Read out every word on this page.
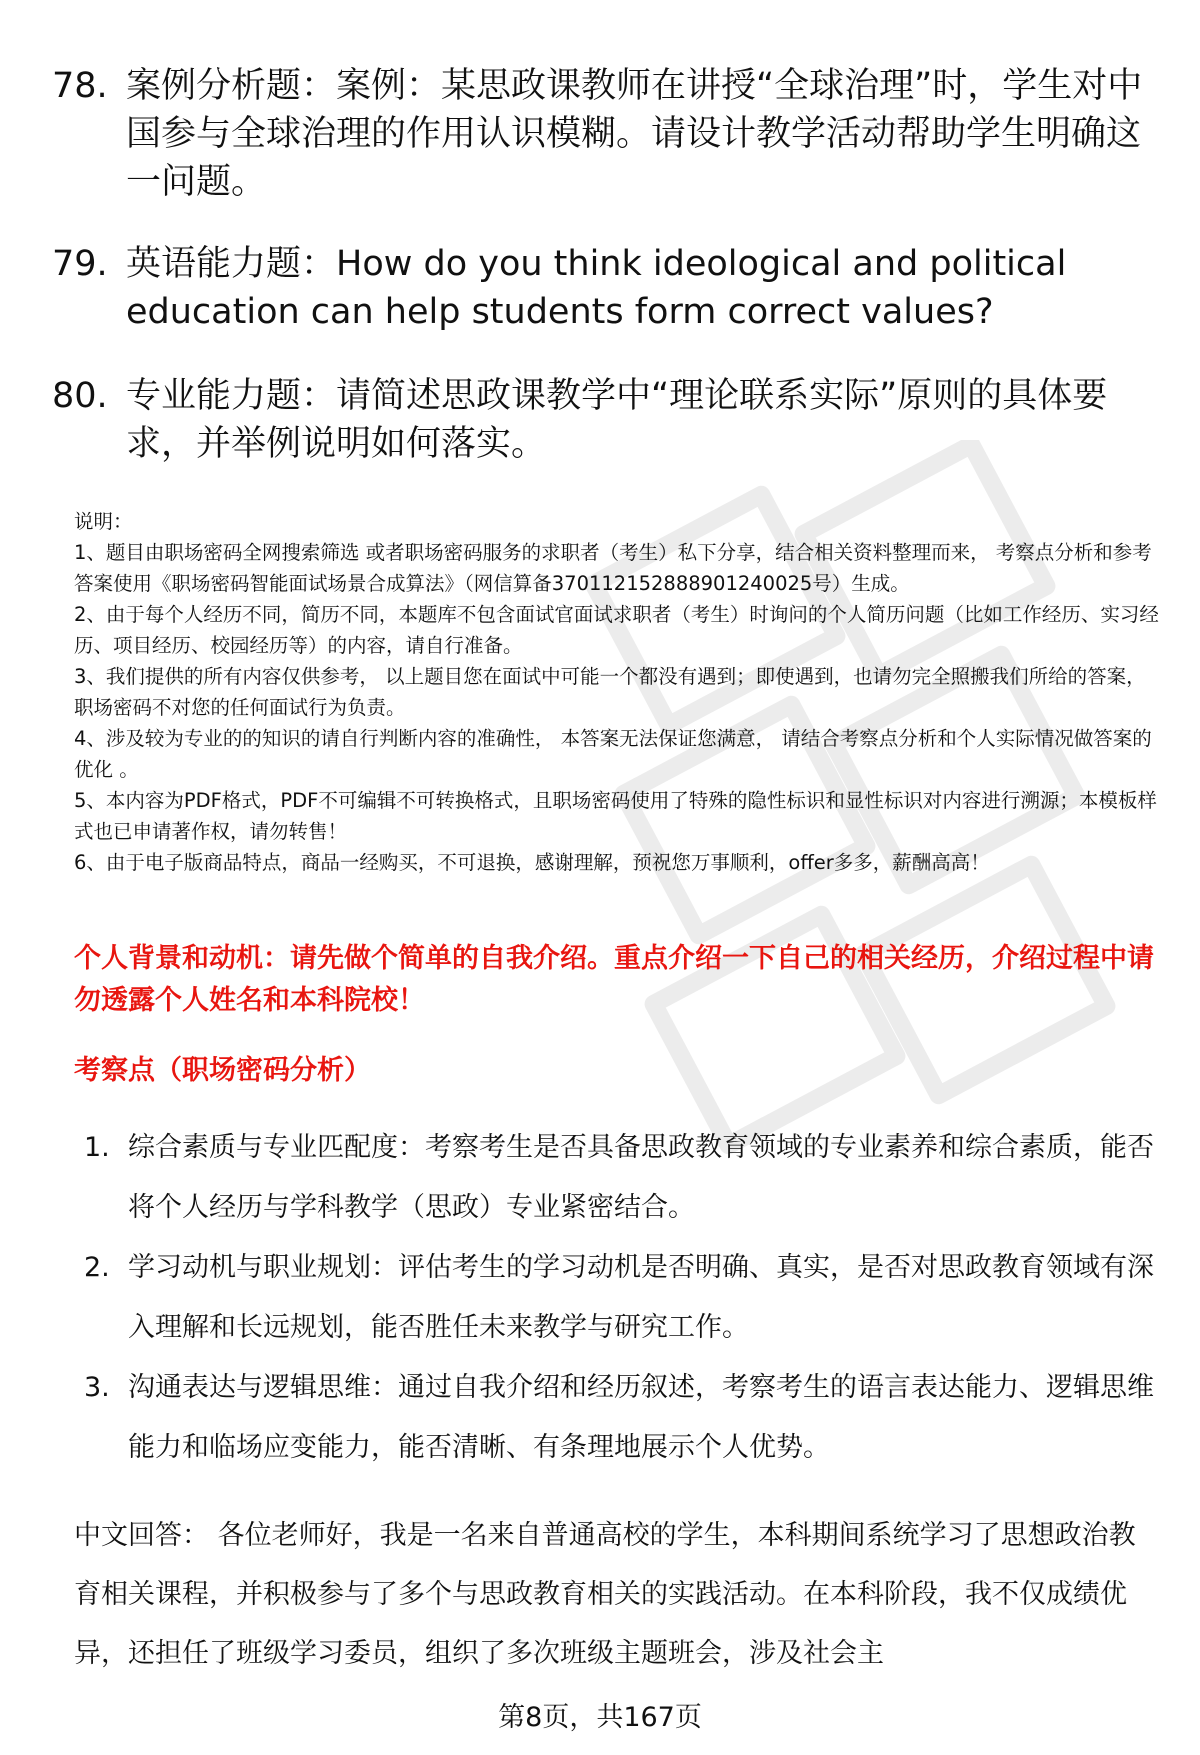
78. 案例分析题：案例：某思政课教师在讲授“全球治理”时，学生对中国参与全球治理的作用认识模糊。请设计教学活动帮助学生明确这一问题。
79. 英语能力题：How do you think ideological and political education can help students form correct values?
80. 专业能力题：请简述思政课教学中“理论联系实际”原则的具体要求，并举例说明如何落实。

说明：

1、题目由职场密码全网搜索筛选 或者职场密码服务的求职者（考生）私下分享，结合相关资料整理而来， 考察点分析和参考答案使用《职场密码智能面试场景合成算法》（网信算备370112152888901240025号）生成。

2、由于每个人经历不同，简历不同，本题库不包含面试官面试求职者（考生）时询问的个人简历问题（比如工作经历、实习经历、项目经历、校园经历等）的内容，请自行准备。

3、我们提供的所有内容仅供参考， 以上题目您在面试中可能一个都没有遇到；即使遇到，也请勿完全照搬我们所给的答案，职场密码不对您的任何面试行为负责。

4、涉及较为专业的的知识的请自行判断内容的准确性， 本答案无法保证您满意， 请结合考察点分析和个人实际情况做答案的优化 。

5、本内容为PDF格式，PDF不可编辑不可转换格式，且职场密码使用了特殊的隐性标识和显性标识对内容进行溯源；本模板样式也已申请著作权，请勿转售！

6、由于电子版商品特点，商品一经购买，不可退换，感谢理解，预祝您万事顺利，offer多多，薪酬高高！

个人背景和动机：请先做个简单的自我介绍。重点介绍一下自己的相关经历，介绍过程中请勿透露个人姓名和本科院校！
考察点（职场密码分析）
1. 综合素质与专业匹配度：考察考生是否具备思政教育领域的专业素养和综合素质，能否将个人经历与学科教学（思政）专业紧密结合。
2. 学习动机与职业规划：评估考生的学习动机是否明确、真实，是否对思政教育领域有深入理解和长远规划，能否胜任未来教学与研究工作。
3. 沟通表达与逻辑思维：通过自我介绍和经历叙述，考察考生的语言表达能力、逻辑思维能力和临场应变能力，能否清晰、有条理地展示个人优势。

中文回答： 各位老师好，我是一名来自普通高校的学生，本科期间系统学习了思想政治教育相关课程，并积极参与了多个与思政教育相关的实践活动。在本科阶段，我不仅成绩优异，还担任了班级学习委员，组织了多次班级主题班会，涉及社会主

第8页，共167页
